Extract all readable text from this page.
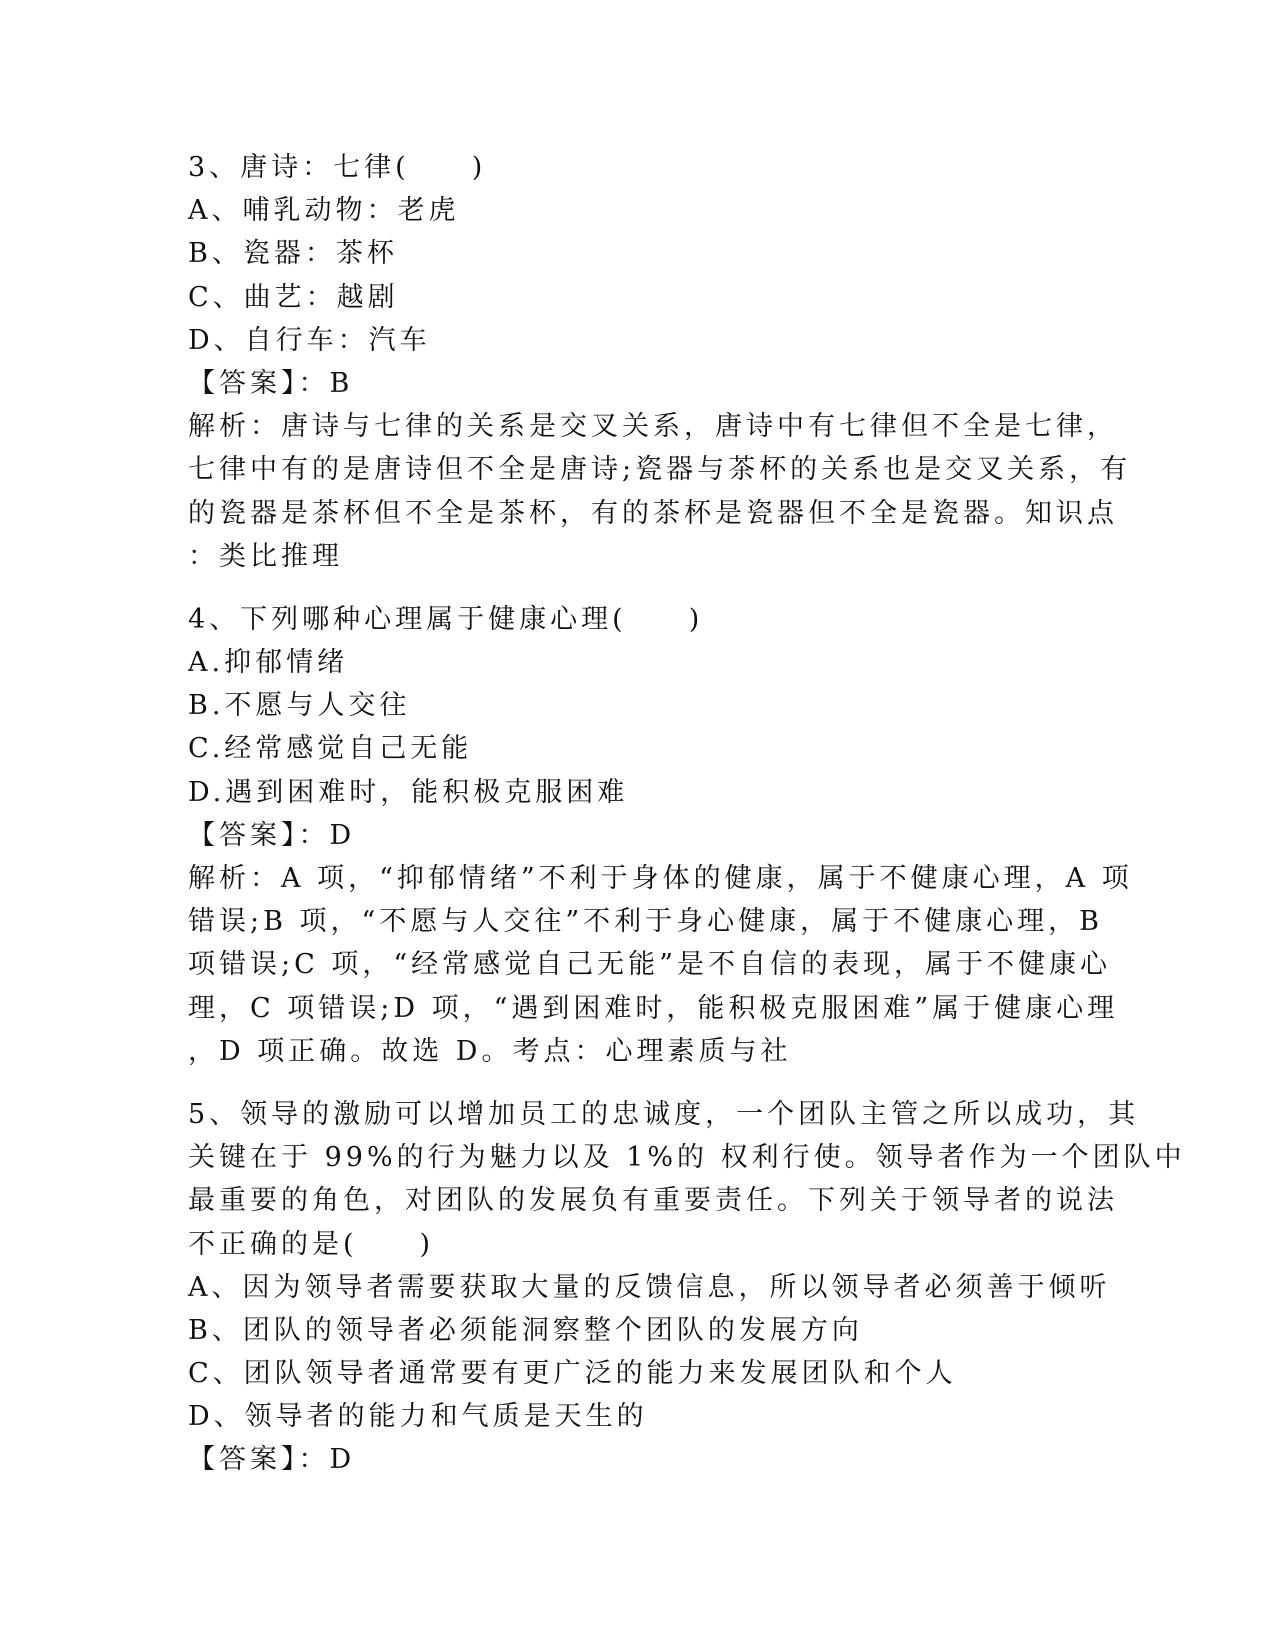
3、唐诗：七律(　　)
A、哺乳动物：老虎
B、瓷器：茶杯
C、曲艺：越剧
D、自行车：汽车
【答案】：B
解析：唐诗与七律的关系是交叉关系，唐诗中有七律但不全是七律，
七律中有的是唐诗但不全是唐诗;瓷器与茶杯的关系也是交叉关系，有
的瓷器是茶杯但不全是茶杯，有的茶杯是瓷器但不全是瓷器。知识点
：类比推理
4、下列哪种心理属于健康心理(　　)
A.抑郁情绪
B.不愿与人交往
C.经常感觉自己无能
D.遇到困难时，能积极克服困难
【答案】：D
解析：A 项，“抑郁情绪”不利于身体的健康，属于不健康心理，A 项
错误;B 项，“不愿与人交往”不利于身心健康，属于不健康心理，B
项错误;C 项，“经常感觉自己无能”是不自信的表现，属于不健康心
理，C 项错误;D 项，“遇到困难时，能积极克服困难”属于健康心理
，D 项正确。故选 D。考点：心理素质与社
5、领导的激励可以增加员工的忠诚度，一个团队主管之所以成功，其
关键在于 99%的行为魅力以及 1%的 权利行使。领导者作为一个团队中
最重要的角色，对团队的发展负有重要责任。下列关于领导者的说法
不正确的是(　　)
A、因为领导者需要获取大量的反馈信息，所以领导者必须善于倾听
B、团队的领导者必须能洞察整个团队的发展方向
C、团队领导者通常要有更广泛的能力来发展团队和个人
D、领导者的能力和气质是天生的
【答案】：D
